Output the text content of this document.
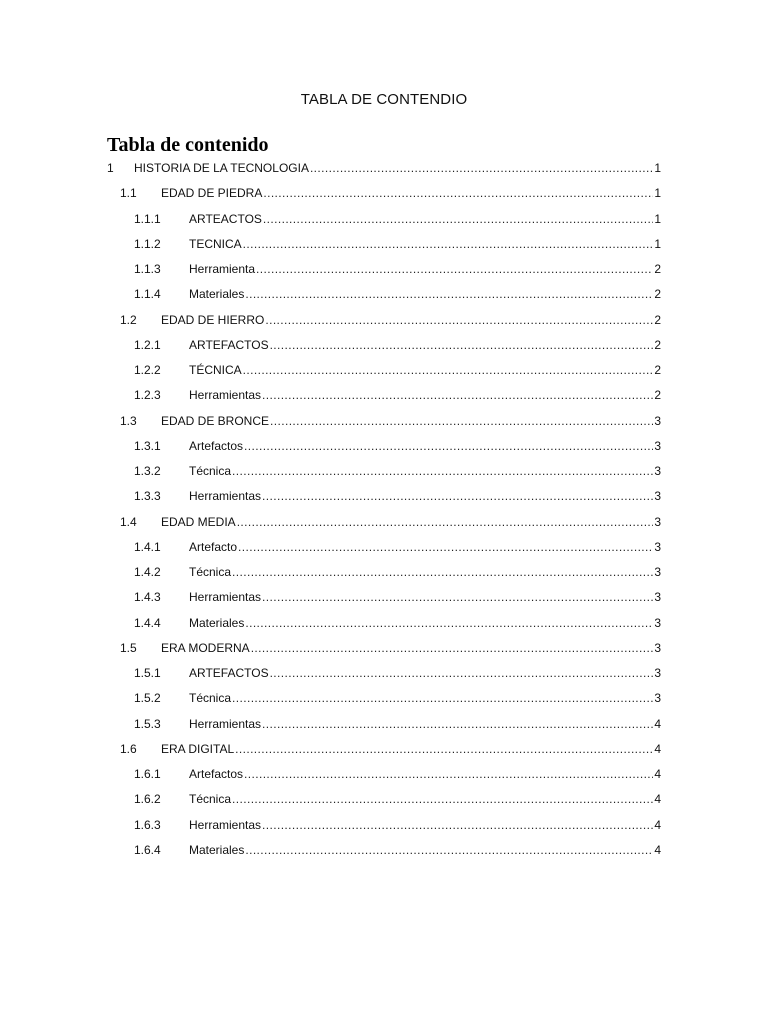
TABLA DE CONTENDIO
Tabla de contenido
1	HISTORIA DE LA TECNOLOGIA .....	1
1.1	EDAD DE PIEDRA .....	1
1.1.1	ARTEACTOS .....	1
1.1.2	TECNICA .....	1
1.1.3	Herramienta .....	2
1.1.4	Materiales .....	2
1.2	EDAD DE HIERRO .....	2
1.2.1	ARTEFACTOS .....	2
1.2.2	TÉCNICA .....	2
1.2.3	Herramientas .....	2
1.3	EDAD DE BRONCE .....	3
1.3.1	Artefactos .....	3
1.3.2	Técnica .....	3
1.3.3	Herramientas .....	3
1.4	EDAD MEDIA .....	3
1.4.1	Artefacto .....	3
1.4.2	Técnica .....	3
1.4.3	Herramientas .....	3
1.4.4	Materiales .....	3
1.5	ERA MODERNA .....	3
1.5.1	ARTEFACTOS .....	3
1.5.2	Técnica .....	3
1.5.3	Herramientas .....	4
1.6	ERA DIGITAL .....	4
1.6.1	Artefactos .....	4
1.6.2	Técnica .....	4
1.6.3	Herramientas .....	4
1.6.4	Materiales .....	4
